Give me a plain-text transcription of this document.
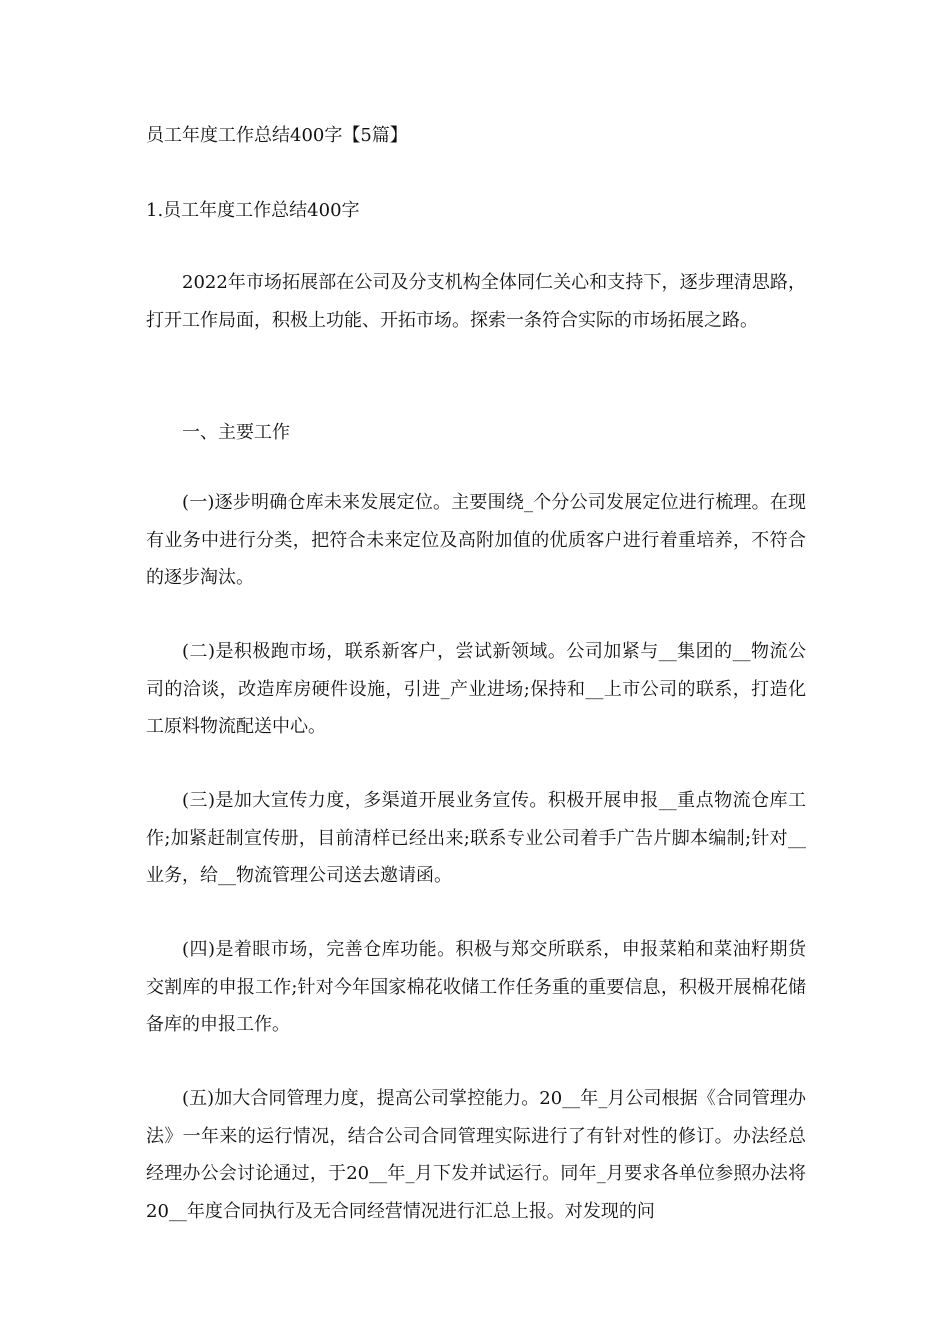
员工年度工作总结400字【5篇】
1.员工年度工作总结400字

2022年市场拓展部在公司及分支机构全体同仁关心和支持下，逐步理清思路，打开工作局面，积极上功能、开拓市场。探索一条符合实际的市场拓展之路。

一、主要工作

(一)逐步明确仓库未来发展定位。主要围绕_个分公司发展定位进行梳理。在现有业务中进行分类，把符合未来定位及高附加值的优质客户进行着重培养，不符合的逐步淘汰。

(二)是积极跑市场，联系新客户，尝试新领域。公司加紧与__集团的__物流公司的洽谈，改造库房硬件设施，引进_产业进场;保持和__上市公司的联系，打造化工原料物流配送中心。

(三)是加大宣传力度，多渠道开展业务宣传。积极开展申报__重点物流仓库工作;加紧赶制宣传册，目前清样已经出来;联系专业公司着手广告片脚本编制;针对__业务，给__物流管理公司送去邀请函。

(四)是着眼市场，完善仓库功能。积极与郑交所联系，申报菜粕和菜油籽期货交割库的申报工作;针对今年国家棉花收储工作任务重的重要信息，积极开展棉花储备库的申报工作。

(五)加大合同管理力度，提高公司掌控能力。20__年_月公司根据《合同管理办法》一年来的运行情况，结合公司合同管理实际进行了有针对性的修订。办法经总经理办公会讨论通过，于20__年_月下发并试运行。同年_月要求各单位参照办法将20__年度合同执行及无合同经营情况进行汇总上报。对发现的问
